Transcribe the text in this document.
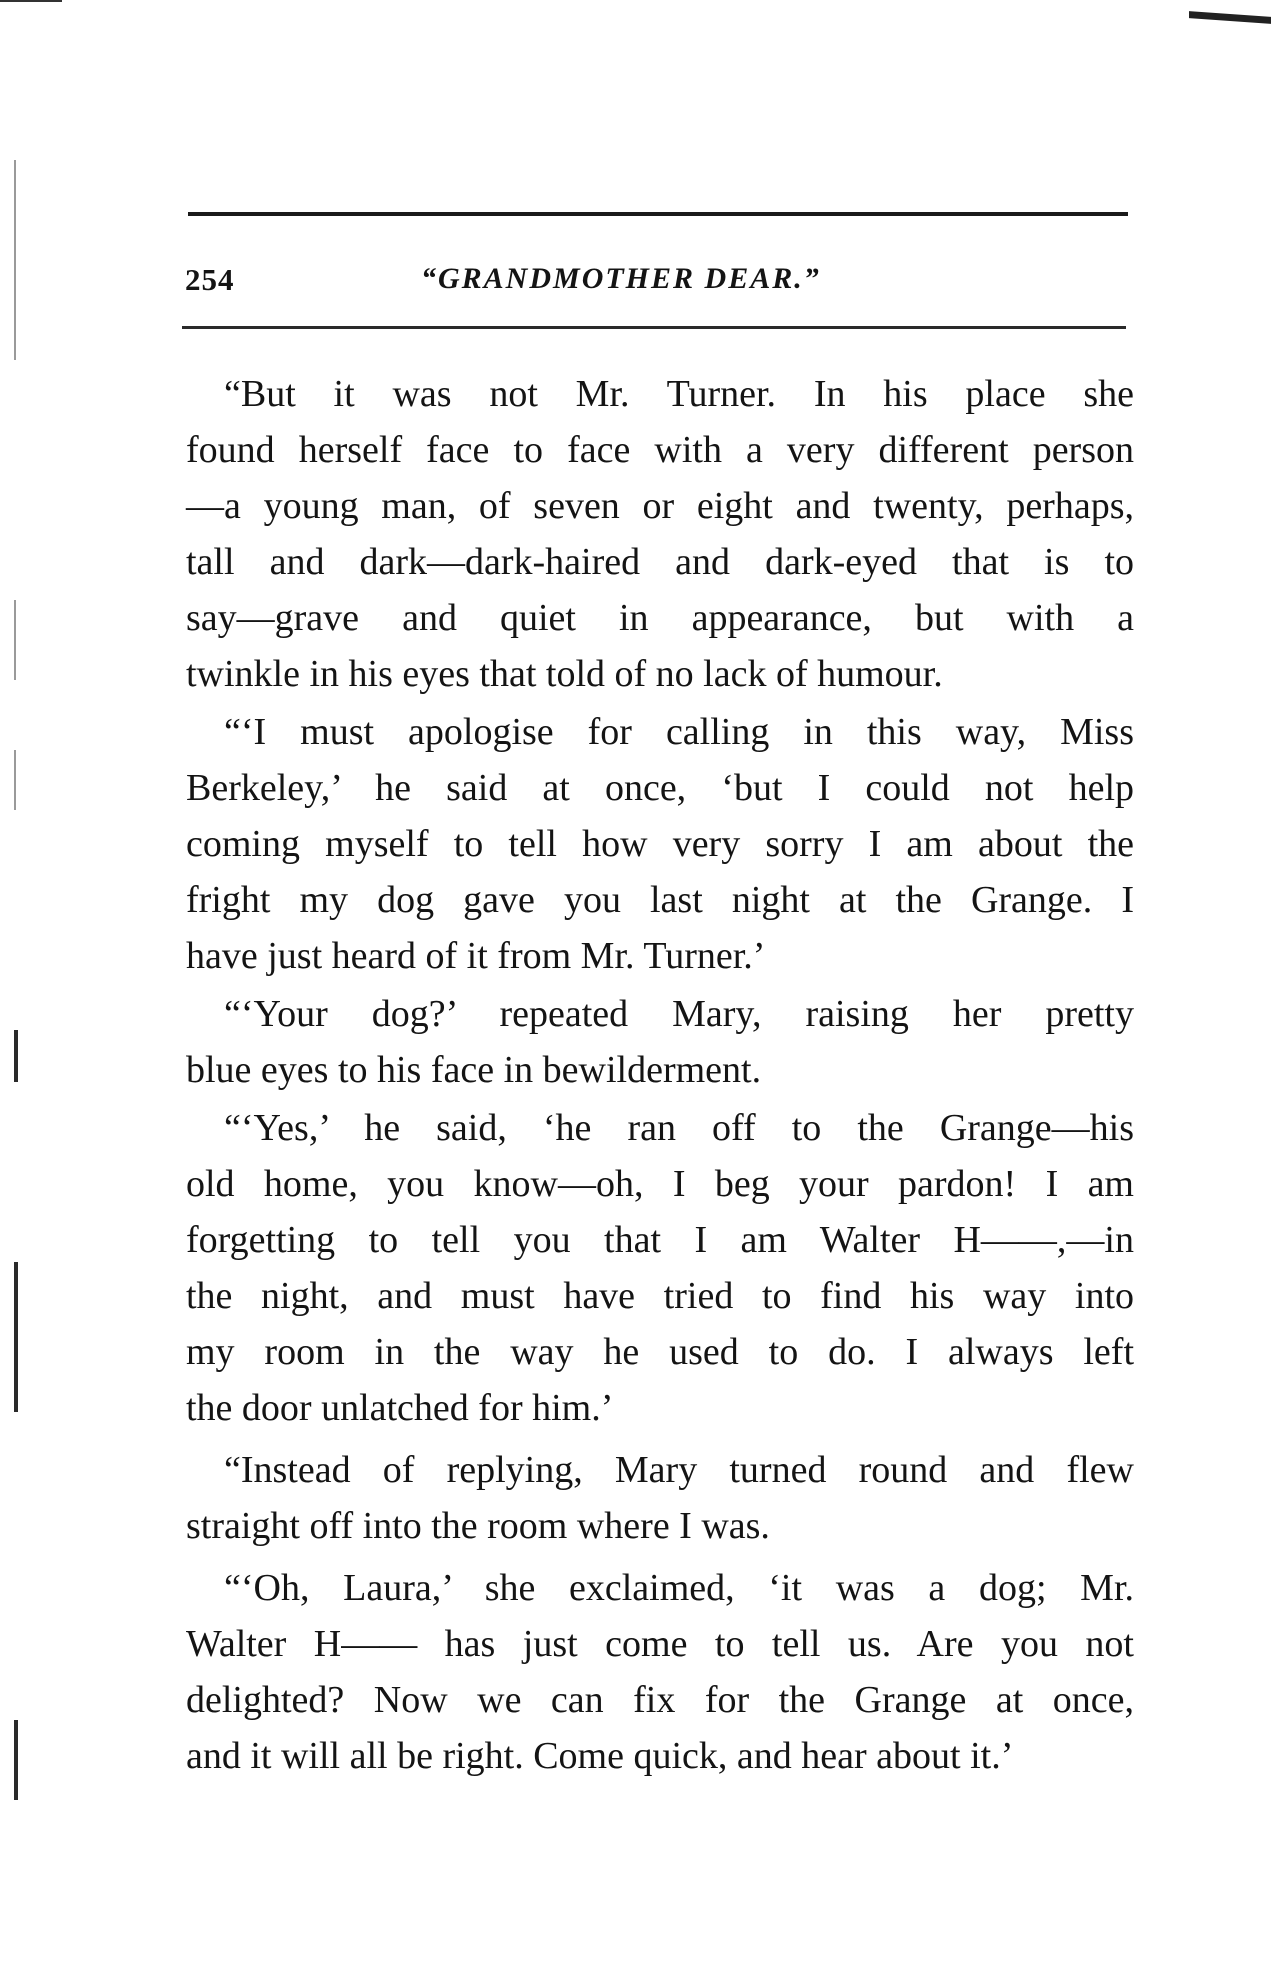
254	“GRANDMOTHER DEAR.”
“But it was not Mr. Turner. In his place she
found herself face to face with a very different person
—a young man, of seven or eight and twenty, perhaps,
tall and dark—dark-haired and dark-eyed that is to
say—grave and quiet in appearance, but with a
twinkle in his eyes that told of no lack of humour.
“‘I must apologise for calling in this way, Miss
Berkeley,’ he said at once, ‘but I could not help
coming myself to tell how very sorry I am about the
fright my dog gave you last night at the Grange. I
have just heard of it from Mr. Turner.’
“‘Your dog?’ repeated Mary, raising her pretty
blue eyes to his face in bewilderment.
“‘Yes,’ he said, ‘he ran off to the Grange—his
old home, you know—oh, I beg your pardon! I am
forgetting to tell you that I am Walter H——,—in
the night, and must have tried to find his way into
my room in the way he used to do. I always left
the door unlatched for him.’
“Instead of replying, Mary turned round and flew
straight off into the room where I was.
“‘Oh, Laura,’ she exclaimed, ‘it was a dog; Mr.
Walter H—— has just come to tell us. Are you not
delighted? Now we can fix for the Grange at once,
and it will all be right. Come quick, and hear about it.’
